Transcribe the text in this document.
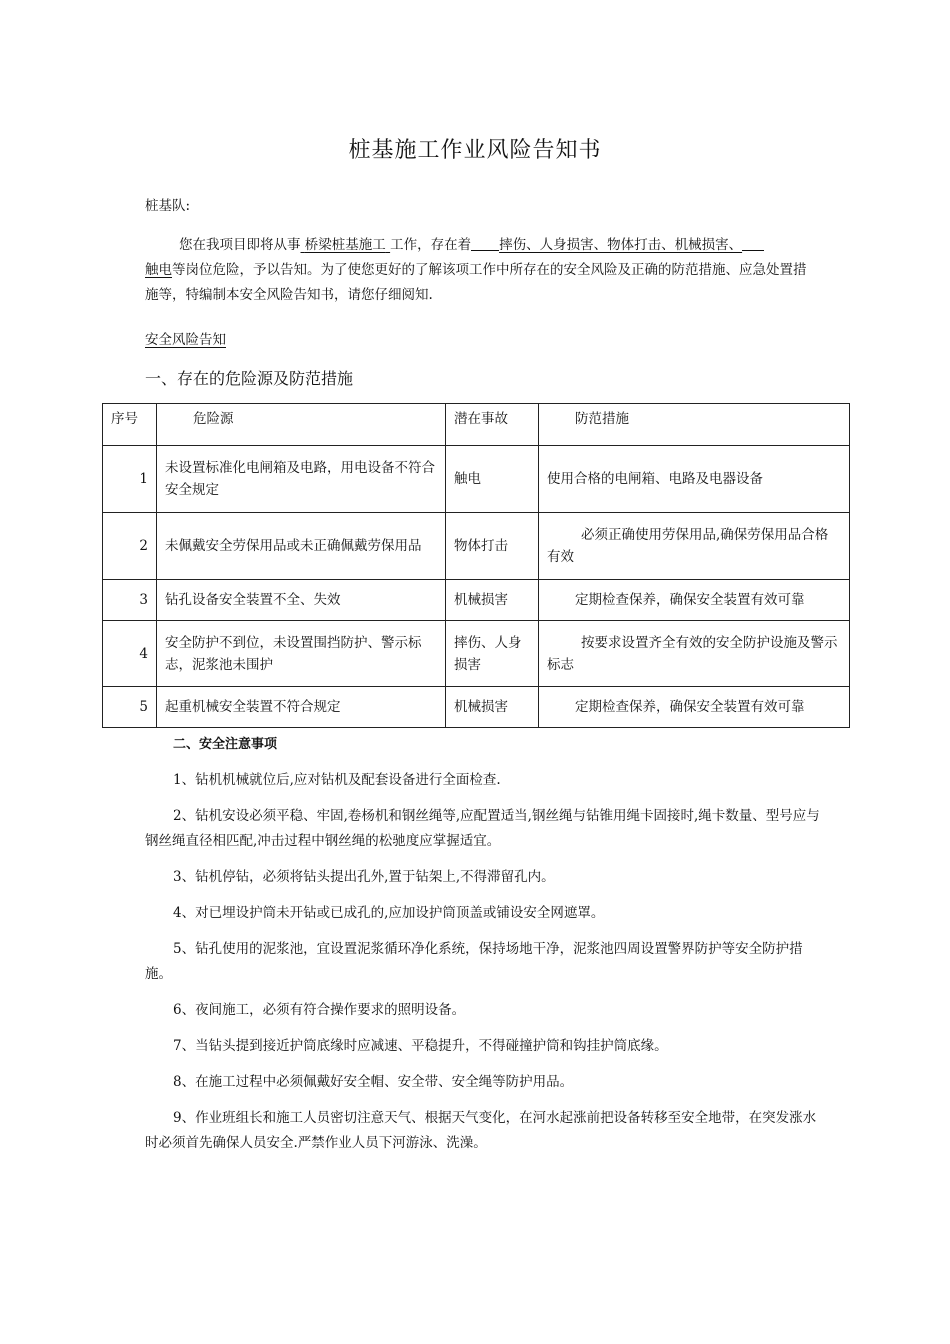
桩基施工作业风险告知书
桩基队:
您在我项目即将从事 桥梁桩基施工 工作，存在着 摔伤、人身损害、物体打击、机械损害、
触电等岗位危险，予以告知。为了使您更好的了解该项工作中所存在的安全风险及正确的防范措施、应急处置措施等，特编制本安全风险告知书，请您仔细阅知.
安全风险告知
一、存在的危险源及防范措施
序号	危险源	潜在事故	防范措施
1	未设置标准化电闸箱及电路，用电设备不符合安全规定	触电	使用合格的电闸箱、电路及电器设备
2	未佩戴安全劳保用品或未正确佩戴劳保用品	物体打击	必须正确使用劳保用品,确保劳保用品合格有效
3	钻孔设备安全装置不全、失效	机械损害	定期检查保养，确保安全装置有效可靠
4	安全防护不到位，未设置围挡防护、警示标志，泥浆池未围护	摔伤、人身损害	按要求设置齐全有效的安全防护设施及警示标志
5	起重机械安全装置不符合规定	机械损害	定期检查保养，确保安全装置有效可靠
二、安全注意事项

1、钻机机械就位后,应对钻机及配套设备进行全面检查.

2、钻机安设必须平稳、牢固,卷杨机和钢丝绳等,应配置适当,钢丝绳与钻锥用绳卡固接时,绳卡数量、型号应与钢丝绳直径相匹配,冲击过程中钢丝绳的松驰度应掌握适宜。

3、钻机停钻，必须将钻头提出孔外,置于钻架上,不得滞留孔内。

4、对已埋设护筒未开钻或已成孔的,应加设护筒顶盖或铺设安全网遮罩。

5、钻孔使用的泥浆池，宜设置泥浆循环净化系统，保持场地干净，泥浆池四周设置警界防护等安全防护措施。

6、夜间施工，必须有符合操作要求的照明设备。

7、当钻头提到接近护筒底缘时应减速、平稳提升，不得碰撞护筒和钩挂护筒底缘。

8、在施工过程中必须佩戴好安全帽、安全带、安全绳等防护用品。

9、作业班组长和施工人员密切注意天气、根据天气变化，在河水起涨前把设备转移至安全地带，在突发涨水时必须首先确保人员安全.严禁作业人员下河游泳、洗澡。
